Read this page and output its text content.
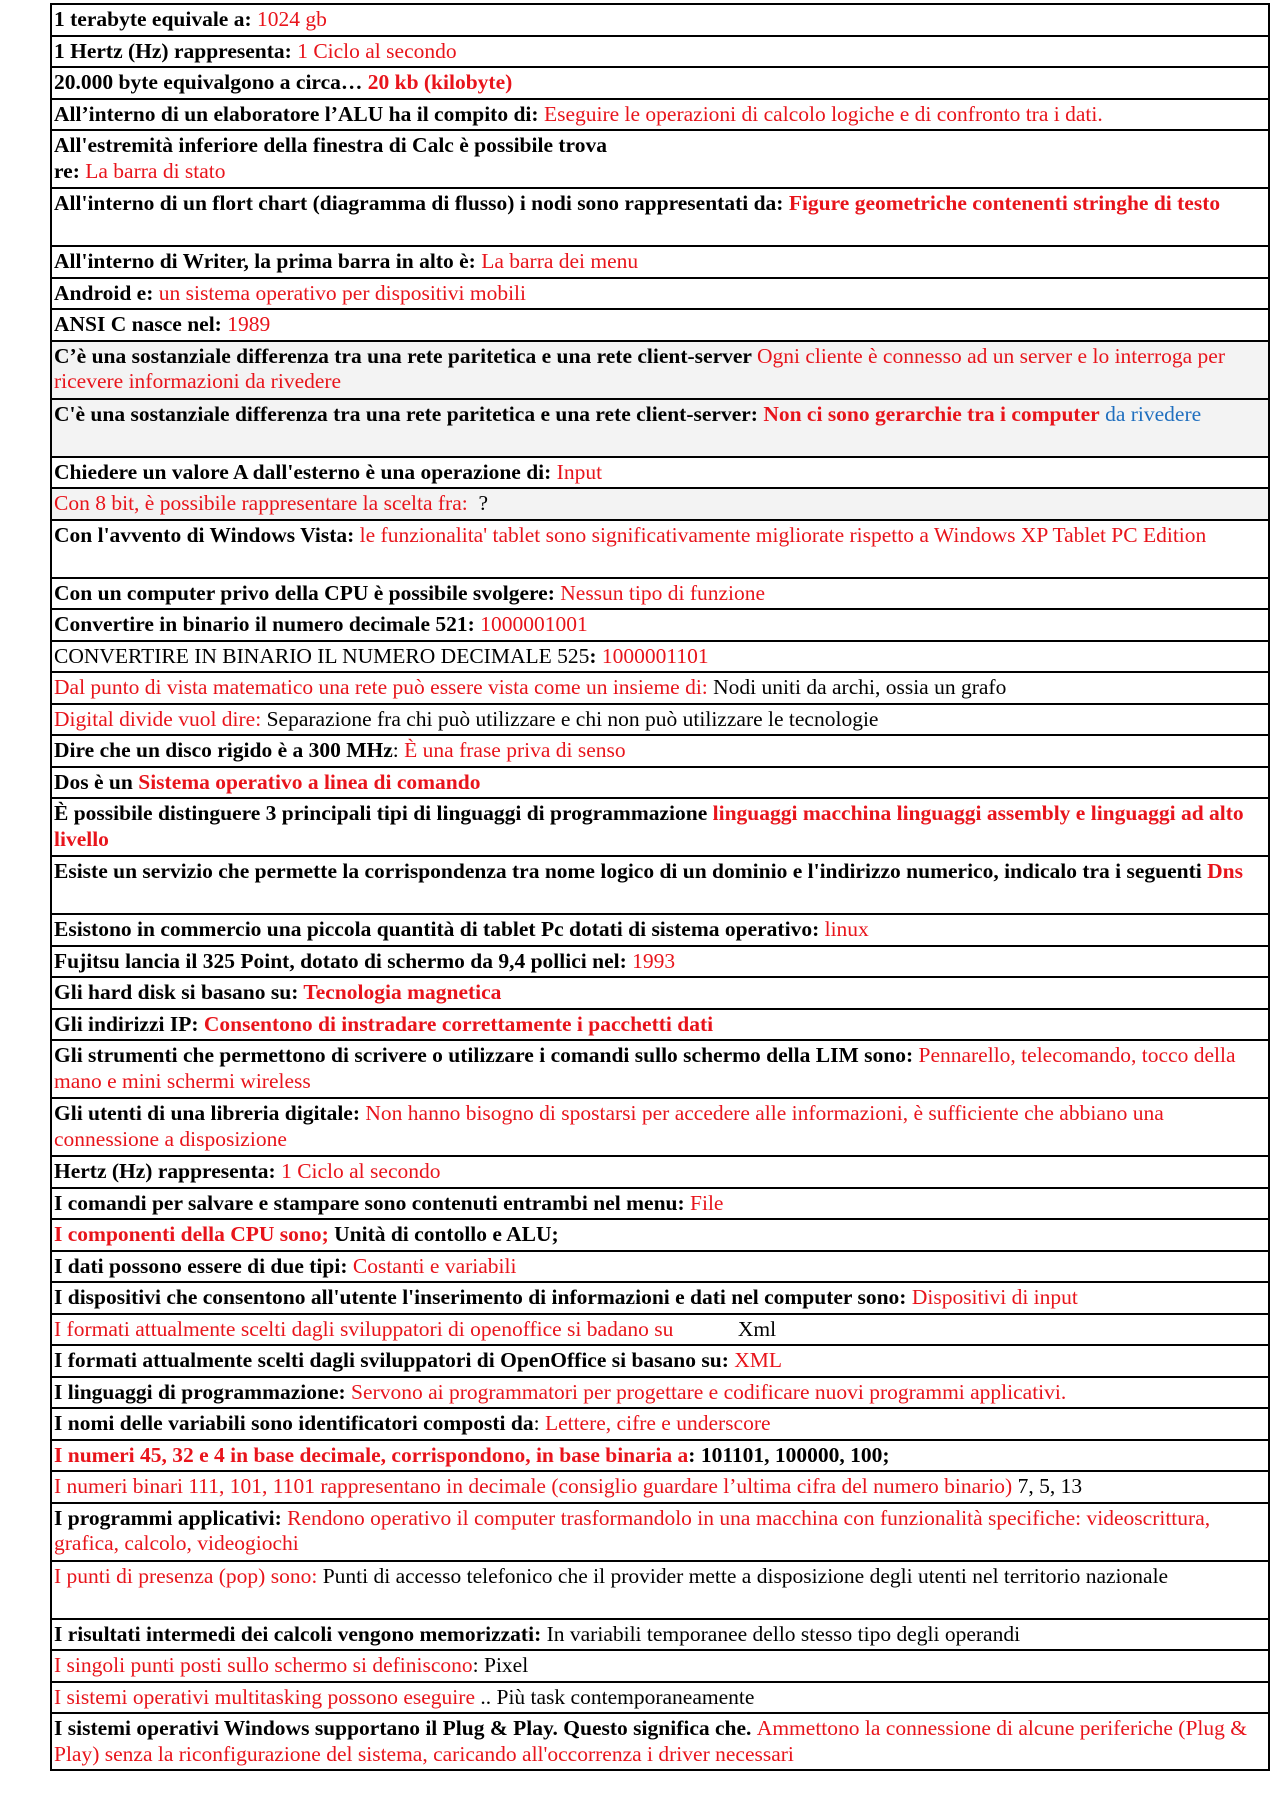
1 terabyte equivale a: 1024 gb
1 Hertz (Hz) rappresenta: 1 Ciclo al secondo
20.000 byte equivalgono a circa… 20 kb (kilobyte)
All’interno di un elaboratore l’ALU ha il compito di: Eseguire le operazioni di calcolo logiche e di confronto tra i dati.
All'estremità inferiore della finestra di Calc è possibile trova
re: La barra di stato
All'interno di un flort chart (diagramma di flusso) i nodi sono rappresentati da: Figure geometriche contenenti stringhe di testo
All'interno di Writer, la prima barra in alto è: La barra dei menu
Android e: un sistema operativo per dispositivi mobili
ANSI C nasce nel: 1989
C’è una sostanziale differenza tra una rete paritetica e una rete client-server Ogni cliente è connesso ad un server e lo interroga per ricevere informazioni da rivedere
C'è una sostanziale differenza tra una rete paritetica e una rete client-server: Non ci sono gerarchie tra i computer da rivedere
Chiedere un valore A dall'esterno è una operazione di: Input
Con 8 bit, è possibile rappresentare la scelta fra:  ?
Con l'avvento di Windows Vista: le funzionalita' tablet sono significativamente migliorate rispetto a Windows XP Tablet PC Edition
Con un computer privo della CPU è possibile svolgere: Nessun tipo di funzione
Convertire in binario il numero decimale 521: 1000001001
CONVERTIRE IN BINARIO IL NUMERO DECIMALE 525: 1000001101
Dal punto di vista matematico una rete può essere vista come un insieme di: Nodi uniti da archi, ossia un grafo
Digital divide vuol dire: Separazione fra chi può utilizzare e chi non può utilizzare le tecnologie
Dire che un disco rigido è a 300 MHz: È una frase priva di senso
Dos è un Sistema operativo a linea di comando
È possibile distinguere 3 principali tipi di linguaggi di programmazione linguaggi macchina linguaggi assembly e linguaggi ad alto livello
Esiste un servizio che permette la corrispondenza tra nome logico di un dominio e l'indirizzo numerico, indicalo tra i seguenti Dns
Esistono in commercio una piccola quantità di tablet Pc dotati di sistema operativo: linux
Fujitsu lancia il 325 Point, dotato di schermo da 9,4 pollici nel: 1993
Gli hard disk si basano su: Tecnologia magnetica
Gli indirizzi IP: Consentono di instradare correttamente i pacchetti dati
Gli strumenti che permettono di scrivere o utilizzare i comandi sullo schermo della LIM sono: Pennarello, telecomando, tocco della mano e mini schermi wireless
Gli utenti di una libreria digitale: Non hanno bisogno di spostarsi per accedere alle informazioni, è sufficiente che abbiano una connessione a disposizione
Hertz (Hz) rappresenta: 1 Ciclo al secondo
I comandi per salvare e stampare sono contenuti entrambi nel menu: File
I componenti della CPU sono; Unità di contollo e ALU;
I dati possono essere di due tipi: Costanti e variabili
I dispositivi che consentono all'utente l'inserimento di informazioni e dati nel computer sono: Dispositivi di input
I formati attualmente scelti dagli sviluppatori di openoffice si badano su            Xml
I formati attualmente scelti dagli sviluppatori di OpenOffice si basano su: XML
I linguaggi di programmazione: Servono ai programmatori per progettare e codificare nuovi programmi applicativi.
I nomi delle variabili sono identificatori composti da: Lettere, cifre e underscore
I numeri 45, 32 e 4 in base decimale, corrispondono, in base binaria a: 101101, 100000, 100;
I numeri binari 111, 101, 1101 rappresentano in decimale (consiglio guardare l’ultima cifra del numero binario) 7, 5, 13
I programmi applicativi: Rendono operativo il computer trasformandolo in una macchina con funzionalità specifiche: videoscrittura, grafica, calcolo, videogiochi
I punti di presenza (pop) sono: Punti di accesso telefonico che il provider mette a disposizione degli utenti nel territorio nazionale
I risultati intermedi dei calcoli vengono memorizzati: In variabili temporanee dello stesso tipo degli operandi
I singoli punti posti sullo schermo si definiscono: Pixel
I sistemi operativi multitasking possono eseguire .. Più task contemporaneamente
I sistemi operativi Windows supportano il Plug & Play. Questo significa che. Ammettono la connessione di alcune periferiche (Plug & Play) senza la riconfigurazione del sistema, caricando all'occorrenza i driver necessari
